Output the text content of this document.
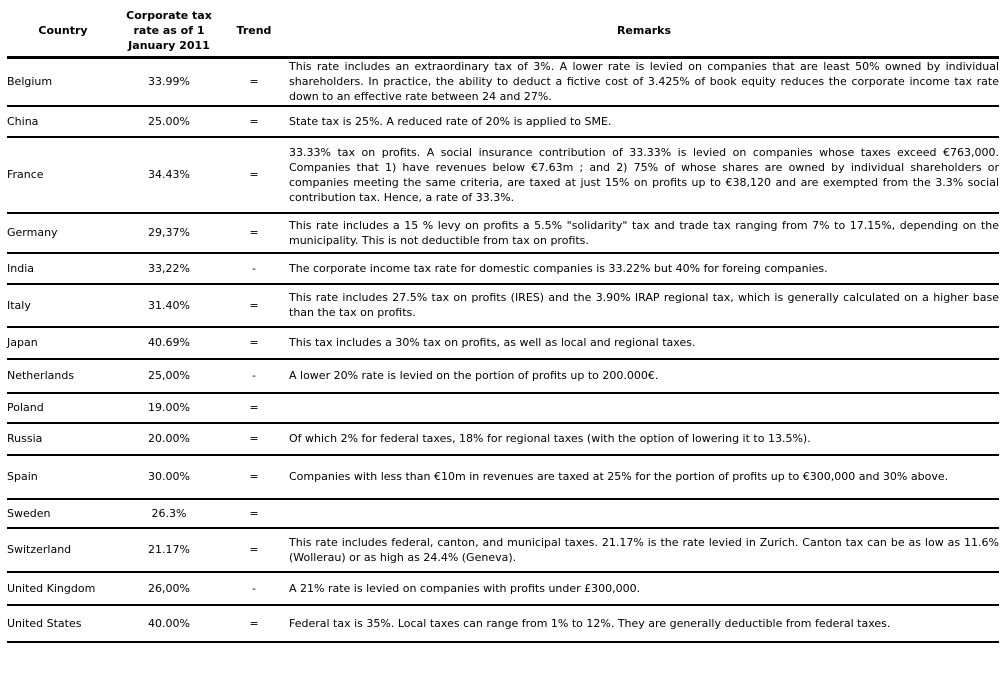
Country	Corporate tax rate as of 1 January 2011	Trend	Remarks
Belgium	33.99%	=	This rate includes an extraordinary tax of 3%. A lower rate is levied on companies that are least 50% owned by individual shareholders. In practice, the ability to deduct a fictive cost of 3.425% of book equity reduces the corporate income tax rate down to an effective rate between 24 and 27%.
China	25.00%	=	State tax is 25%. A reduced rate of 20% is applied to SME.
France	34.43%	=	33.33% tax on profits. A social insurance contribution of 33.33% is levied on companies whose taxes exceed €763,000. Companies that 1) have revenues below €7.63m ; and 2) 75% of whose shares are owned by individual shareholders or companies meeting the same criteria, are taxed at just 15% on profits up to €38,120 and are exempted from the 3.3% social contribution tax. Hence, a rate of 33.3%.
Germany	29,37%	=	This rate includes a 15 % levy on profits a 5.5% "solidarity" tax and trade tax ranging from 7% to 17.15%, depending on the municipality. This is not deductible from tax on profits.
India	33,22%	-	The corporate income tax rate for domestic companies is 33.22% but 40% for foreing companies.
Italy	31.40%	=	This rate includes 27.5% tax on profits (IRES) and the 3.90% IRAP regional tax, which is generally calculated on a higher base than the tax on profits.
Japan	40.69%	=	This tax includes a 30% tax on profits, as well as local and regional taxes.
Netherlands	25,00%	-	A lower 20% rate is levied on the portion of profits up to 200.000€.
Poland	19.00%	=	
Russia	20.00%	=	Of which 2% for federal taxes, 18% for regional taxes (with the option of lowering it to 13.5%).
Spain	30.00%	=	Companies with less than €10m in revenues are taxed at 25% for the portion of profits up to €300,000 and 30% above.
Sweden	26.3%	=	
Switzerland	21.17%	=	This rate includes federal, canton, and municipal taxes. 21.17% is the rate levied in Zurich. Canton tax can be as low as 11.6% (Wollerau) or as high as 24.4% (Geneva).
United Kingdom	26,00%	-	A 21% rate is levied on companies with profits under £300,000.
United States	40.00%	=	Federal tax is 35%. Local taxes can range from 1% to 12%. They are generally deductible from federal taxes.
